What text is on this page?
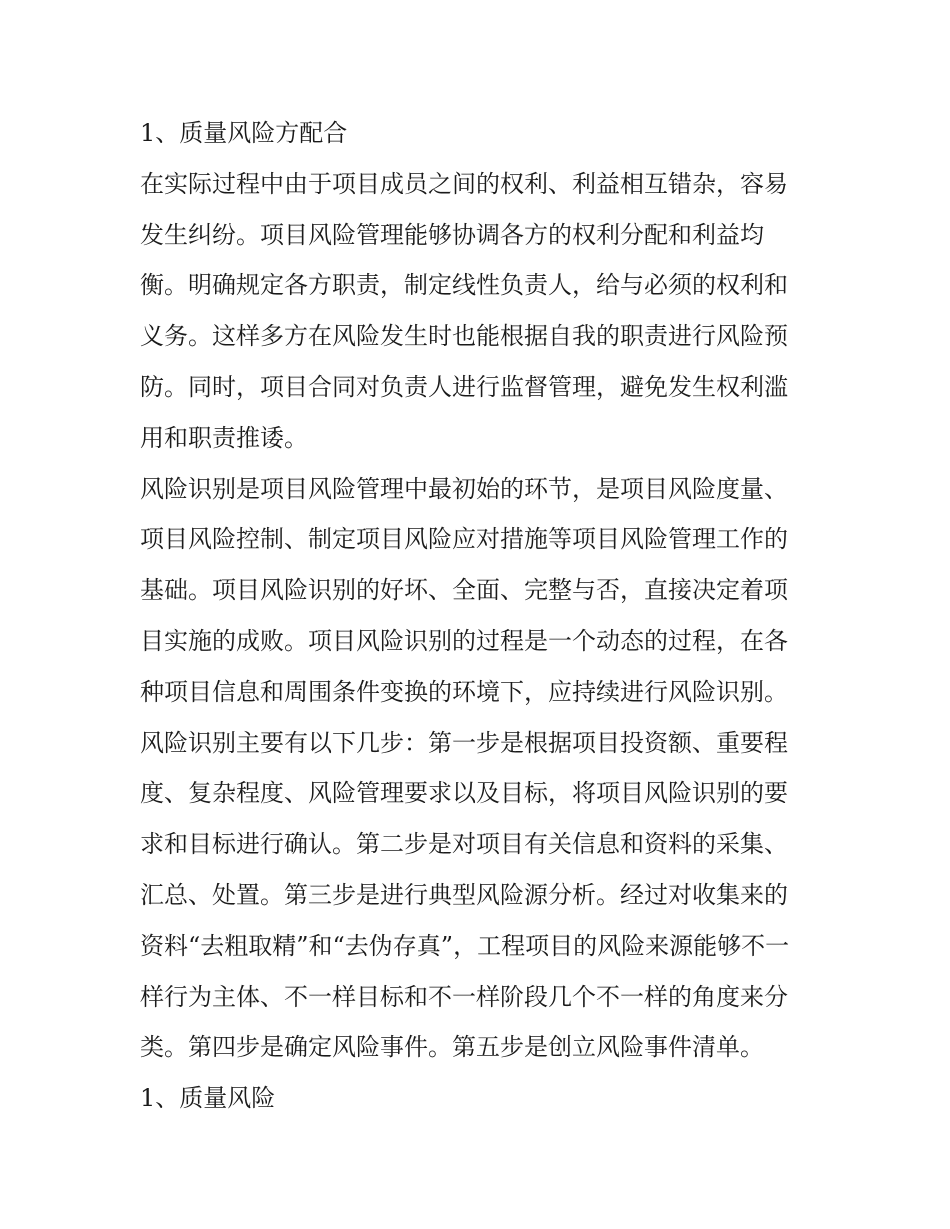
1、质量风险方配合
在实际过程中由于项目成员之间的权利、利益相互错杂，容易
发生纠纷。项目风险管理能够协调各方的权利分配和利益均
衡。明确规定各方职责，制定线性负责人，给与必须的权利和
义务。这样多方在风险发生时也能根据自我的职责进行风险预
防。同时，项目合同对负责人进行监督管理，避免发生权利滥
用和职责推诿。
风险识别是项目风险管理中最初始的环节，是项目风险度量、
项目风险控制、制定项目风险应对措施等项目风险管理工作的
基础。项目风险识别的好坏、全面、完整与否，直接决定着项
目实施的成败。项目风险识别的过程是一个动态的过程，在各
种项目信息和周围条件变换的环境下，应持续进行风险识别。
风险识别主要有以下几步：第一步是根据项目投资额、重要程
度、复杂程度、风险管理要求以及目标，将项目风险识别的要
求和目标进行确认。第二步是对项目有关信息和资料的采集、
汇总、处置。第三步是进行典型风险源分析。经过对收集来的
资料“去粗取精”和“去伪存真”，工程项目的风险来源能够不一
样行为主体、不一样目标和不一样阶段几个不一样的角度来分
类。第四步是确定风险事件。第五步是创立风险事件清单。
1、质量风险
